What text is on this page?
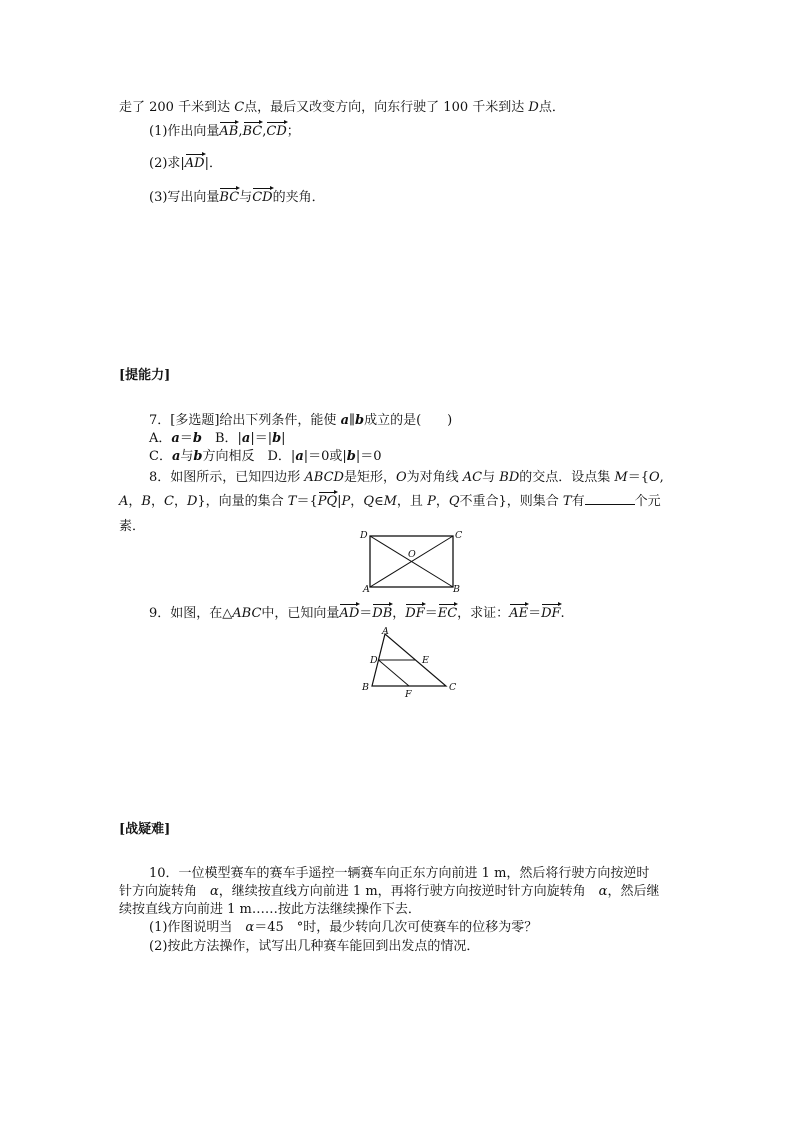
走了 200 千米到达 C点，最后又改变方向，向东行驶了 100 千米到达 D点．
(1)作出向量AB,BC,CD；
(2)求|AD|．
(3)写出向量BC与CD的夹角．
[提能力]
7．[多选题]给出下列条件，能使 a∥b成立的是(　　)
A．a＝b　B．|a|＝|b|
C．a与b方向相反　D．|a|＝0或|b|＝0
8．如图所示，已知四边形 ABCD是矩形，O为对角线 AC与 BD的交点．设点集 M＝{O,
A，B，C，D}，向量的集合 T＝{PQ|P，Q∈M，且 P，Q不重合}，则集合 T有	个元
素．
D	C
A	B
O
9．如图，在△ABC中，已知向量AD＝DB，DF＝EC，求证：AE＝DF.
A
D	E
B	C
F
[战疑难]
10．一位模型赛车的赛车手遥控一辆赛车向正东方向前进 1 m，然后将行驶方向按逆时
针方向旋转角　α，继续按直线方向前进 1 m，再将行驶方向按逆时针方向旋转角　α，然后继
续按直线方向前进 1 m……按此方法继续操作下去．
(1)作图说明当　α＝45　°时，最少转向几次可使赛车的位移为零？
(2)按此方法操作，试写出几种赛车能回到出发点的情况．
